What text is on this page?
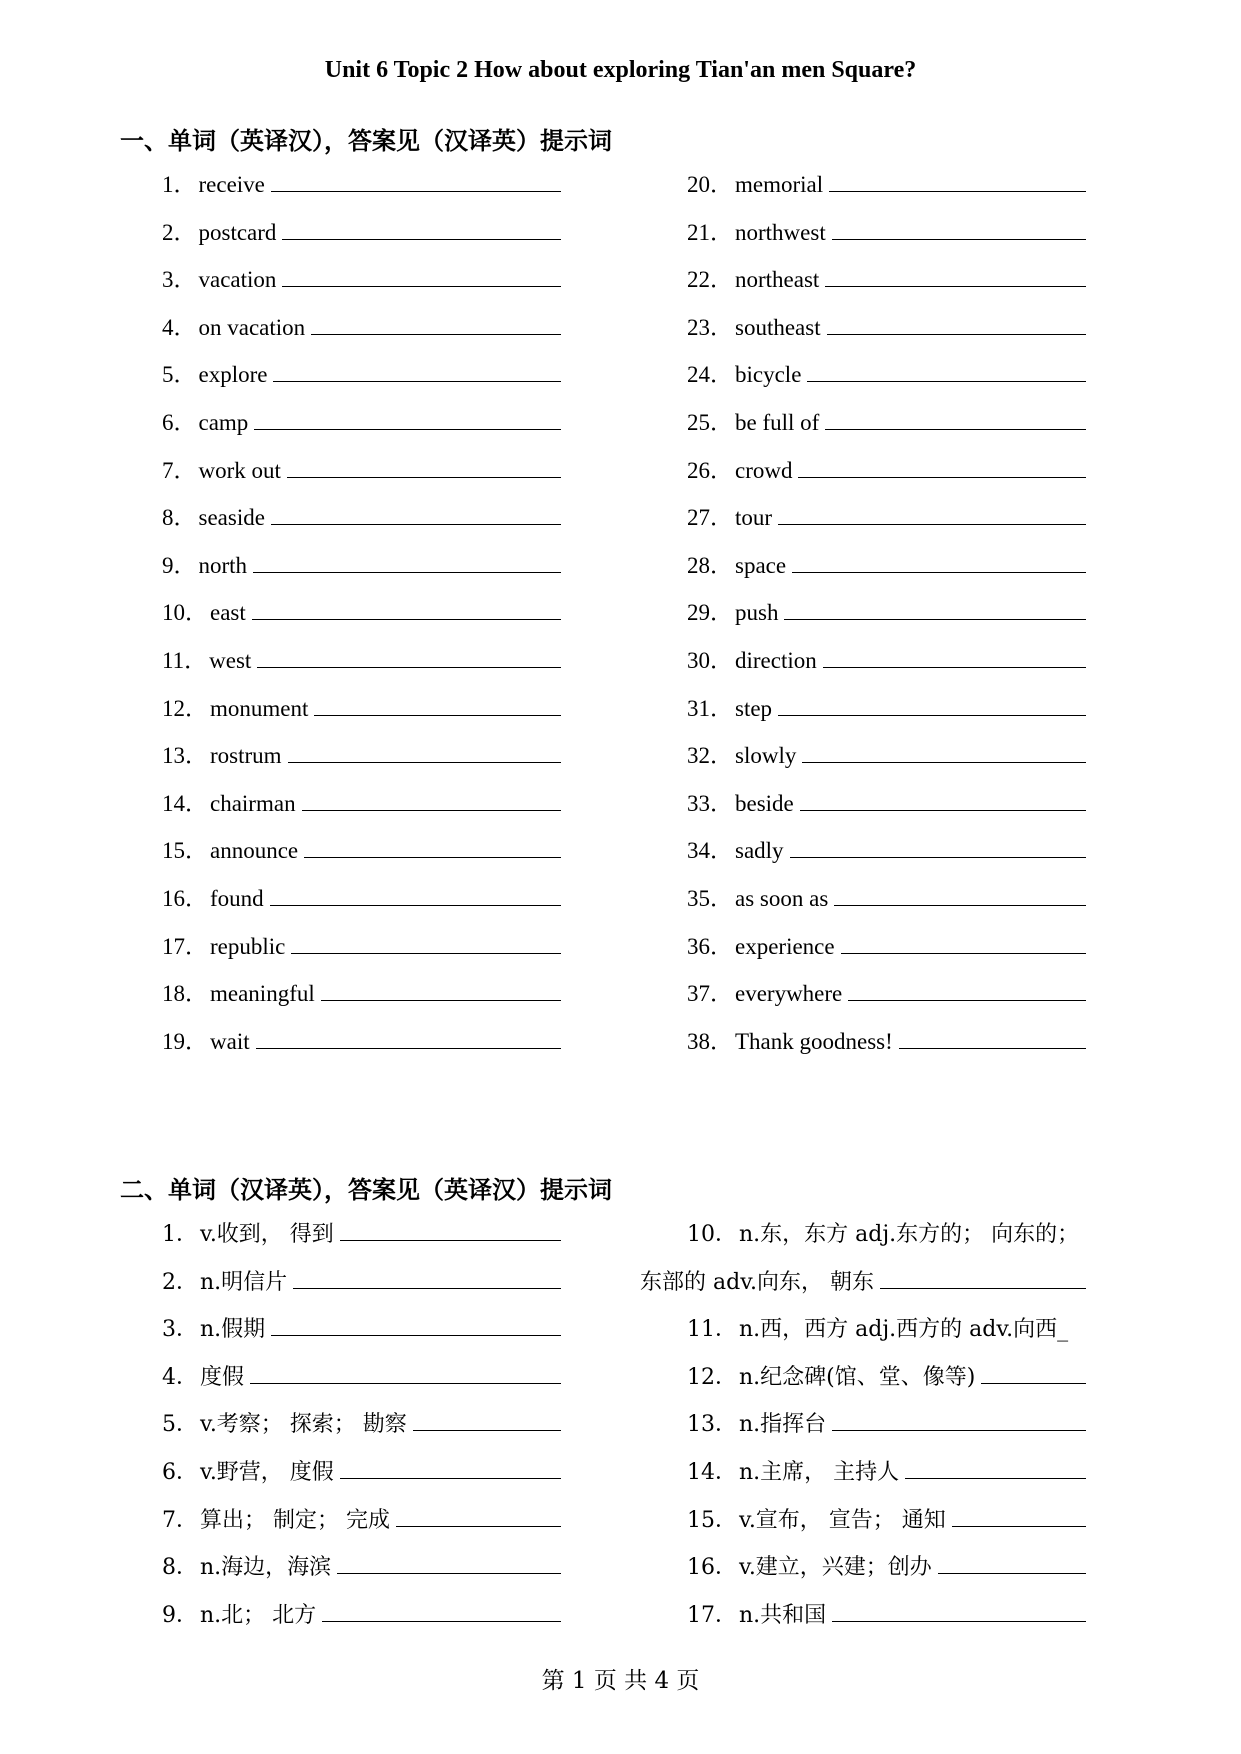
Unit 6 Topic 2 How about exploring Tian'an men Square?
一、单词（英译汉），答案见（汉译英）提示词
1． receive
2． postcard
3． vacation
4． on vacation
5． explore
6． camp
7． work out
8． seaside
9． north
10． east
11． west
12． monument
13． rostrum
14． chairman
15． announce
16． found
17． republic
18． meaningful
19． wait
20． memorial
21． northwest
22． northeast
23． southeast
24． bicycle
25． be full of
26． crowd
27． tour
28． space
29． push
30． direction
31． step
32． slowly
33． beside
34． sadly
35． as soon as
36． experience
37． everywhere
38． Thank goodness!
二、单词（汉译英），答案见（英译汉）提示词
1． v.收到， 得到
2． n.明信片
3． n.假期
4． 度假
5． v.考察； 探索； 勘察
6． v.野营， 度假
7． 算出； 制定； 完成
8． n.海边，海滨
9． n.北； 北方
10． n.东，东方 adj.东方的； 向东的；
东部的 adv.向东， 朝东
11． n.西，西方 adj.西方的 adv.向西_
12． n.纪念碑(馆、堂、像等)
13． n.指挥台
14． n.主席， 主持人
15． v.宣布， 宣告； 通知
16． v.建立，兴建；创办
17． n.共和国
第 1 页 共 4 页
